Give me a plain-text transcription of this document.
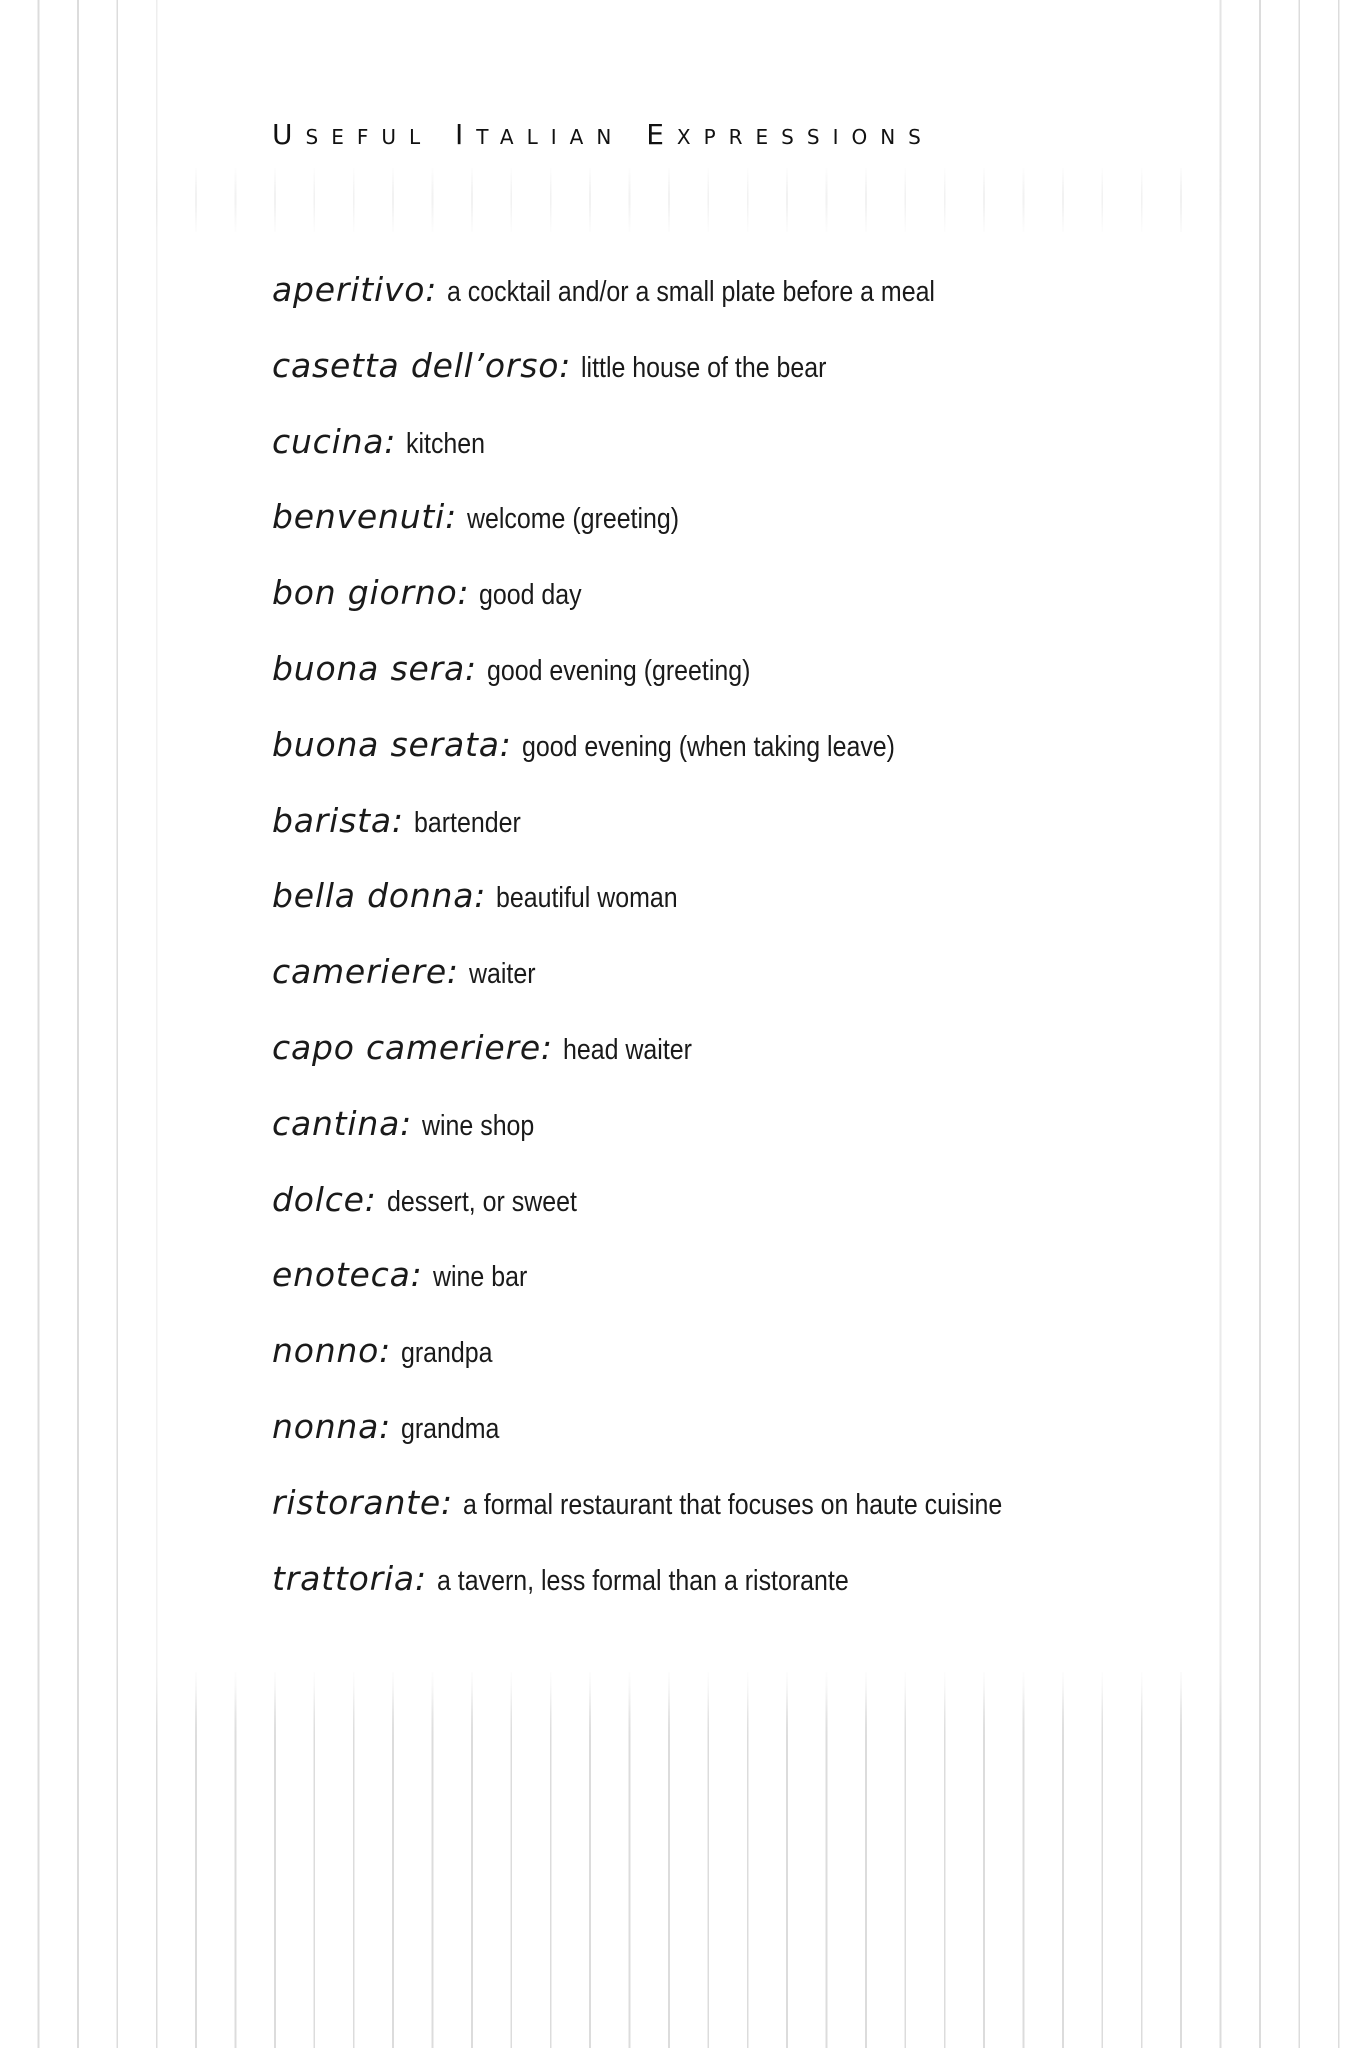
Useful Italian Expressions
aperitivo: a cocktail and/or a small plate before a meal
casetta dell’orso: little house of the bear
cucina: kitchen
benvenuti: welcome (greeting)
bon giorno: good day
buona sera: good evening (greeting)
buona serata: good evening (when taking leave)
barista: bartender
bella donna: beautiful woman
cameriere: waiter
capo cameriere: head waiter
cantina: wine shop
dolce: dessert, or sweet
enoteca: wine bar
nonno: grandpa
nonna: grandma
ristorante: a formal restaurant that focuses on haute cuisine
trattoria: a tavern, less formal than a ristorante
